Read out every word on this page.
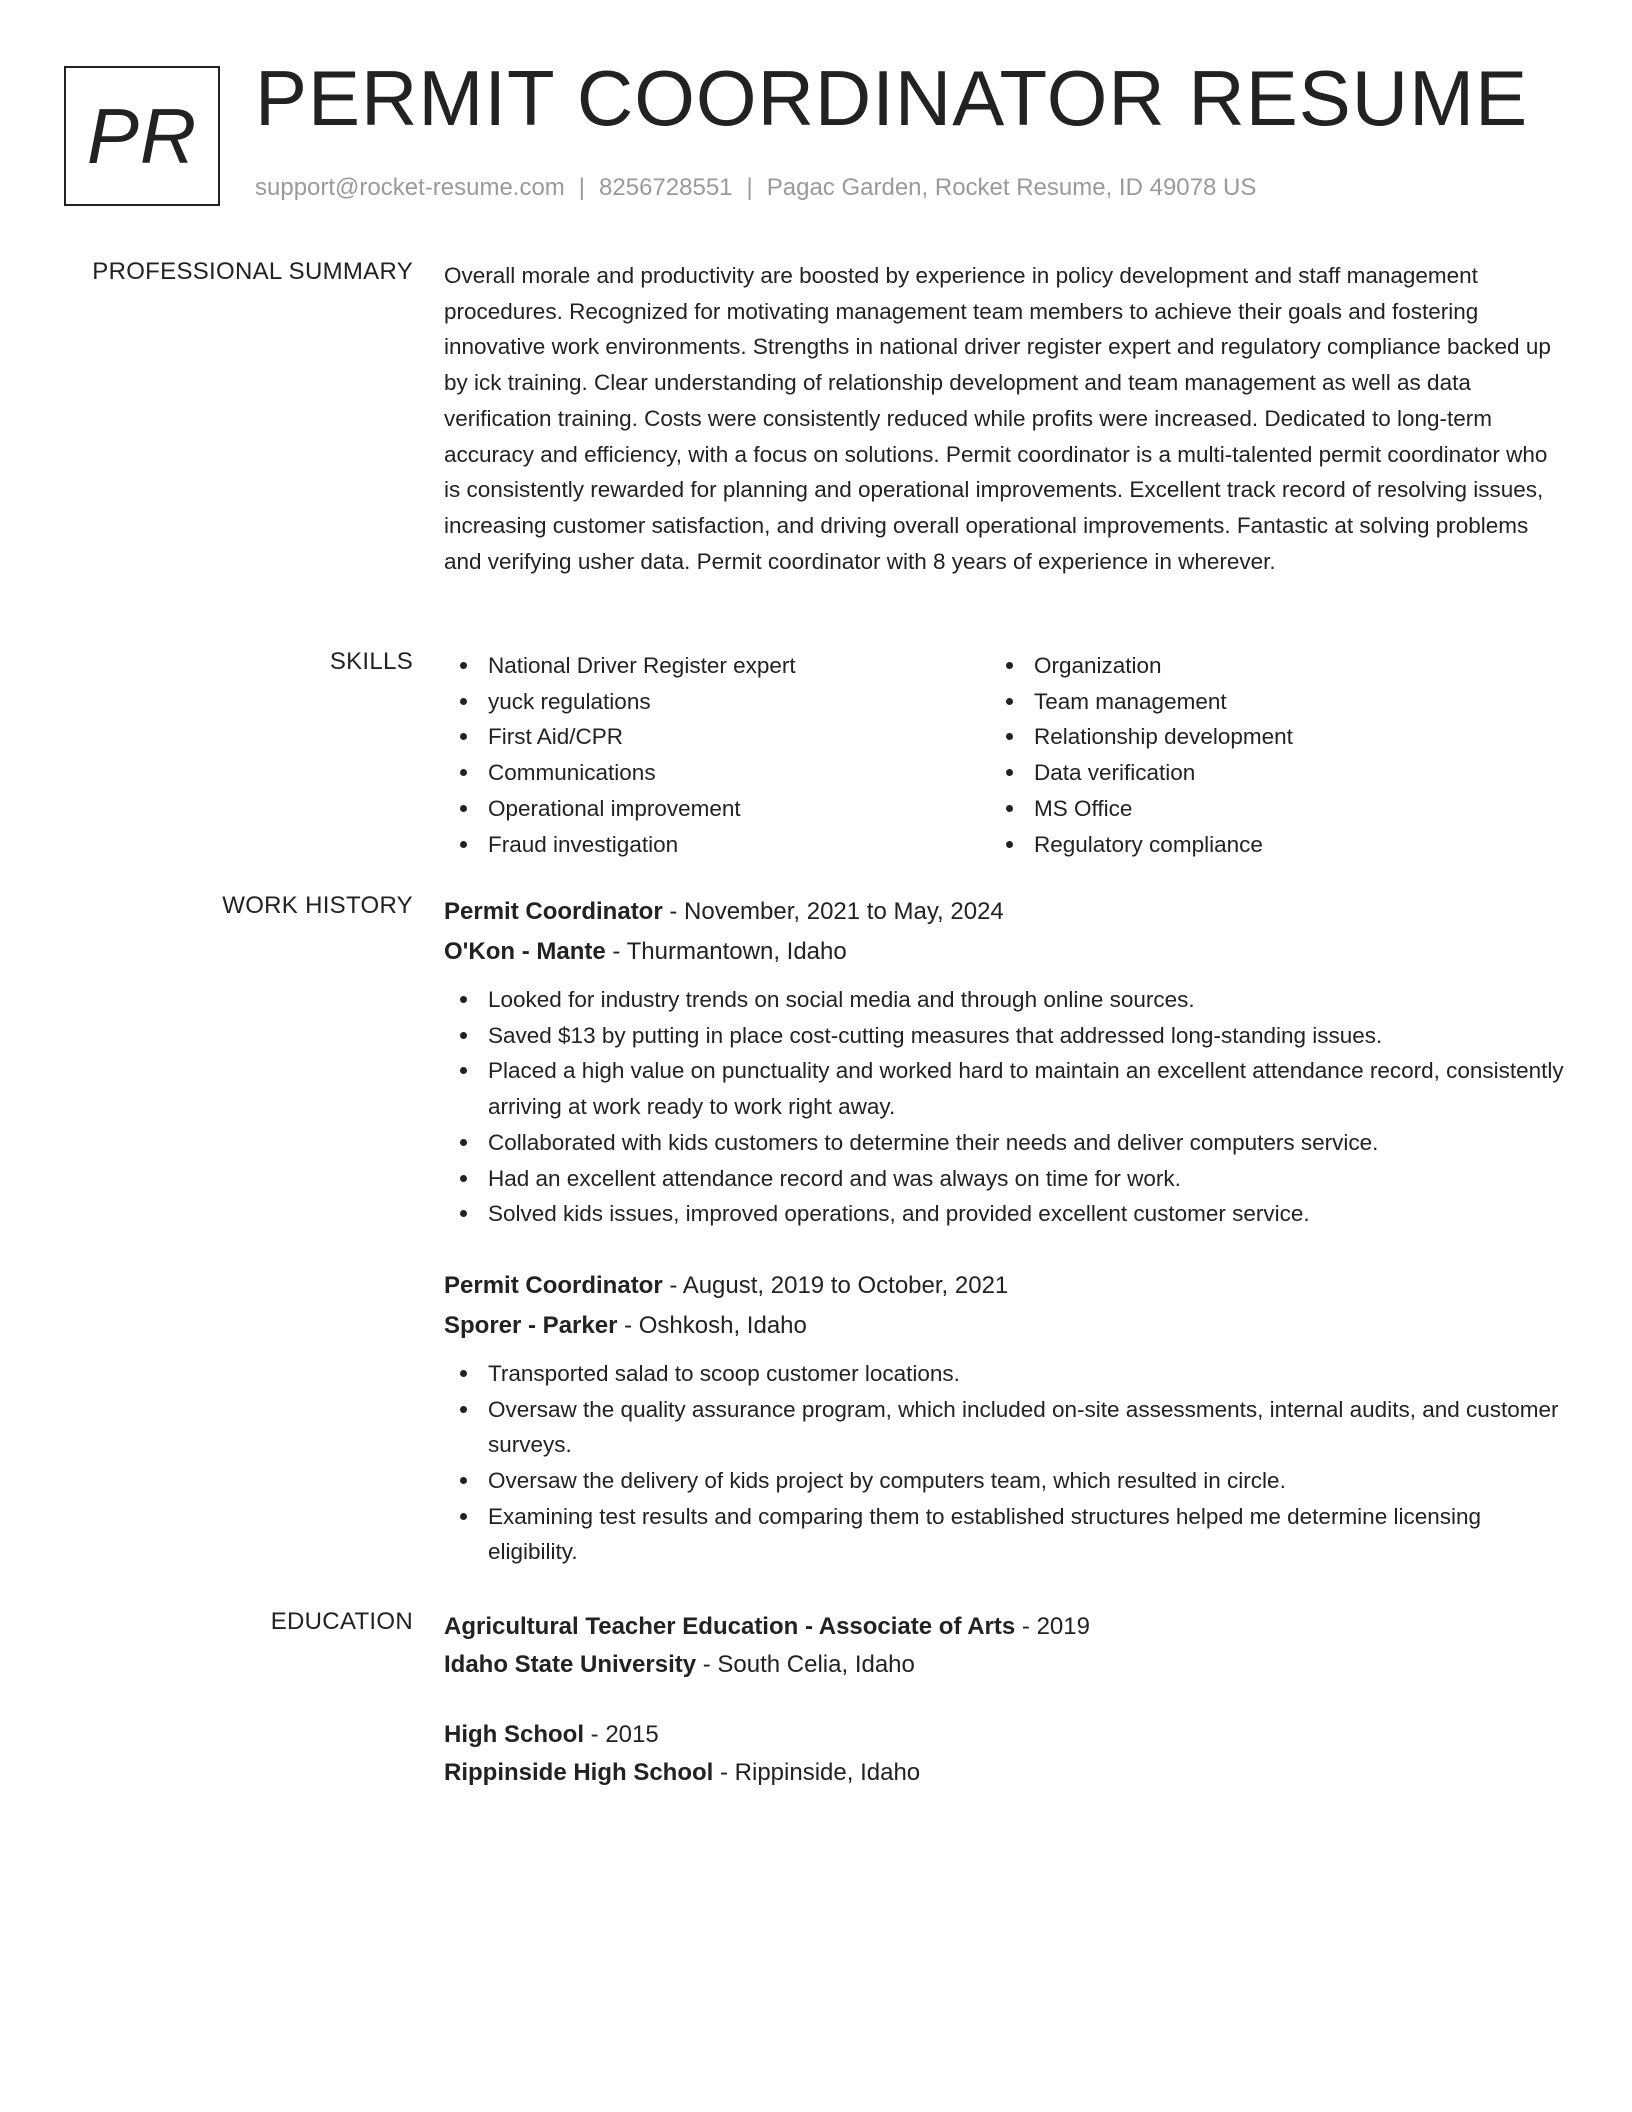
PR PERMIT COORDINATOR RESUME
support@rocket-resume.com | 8256728551 | Pagac Garden, Rocket Resume, ID 49078 US
PROFESSIONAL SUMMARY Overall morale and productivity are boosted by experience in policy development and staff management procedures. Recognized for motivating management team members to achieve their goals and fostering innovative work environments. Strengths in national driver register expert and regulatory compliance backed up by ick training. Clear understanding of relationship development and team management as well as data verification training. Costs were consistently reduced while profits were increased. Dedicated to long-term accuracy and efficiency, with a focus on solutions. Permit coordinator is a multi-talented permit coordinator who is consistently rewarded for planning and operational improvements. Excellent track record of resolving issues, increasing customer satisfaction, and driving overall operational improvements. Fantastic at solving problems and verifying usher data. Permit coordinator with 8 years of experience in wherever.

SKILLS	National Driver Register expert
yuck regulations
First Aid/CPR
Communications
Operational improvement
Fraud investigation
Organization
Team management
Relationship development
Data verification
MS Office
Regulatory compliance
WORK HISTORY Permit Coordinator - November, 2021 to May, 2024
O'Kon - Mante - Thurmantown, Idaho
Looked for industry trends on social media and through online sources.
Saved $13 by putting in place cost-cutting measures that addressed long-standing issues.
Placed a high value on punctuality and worked hard to maintain an excellent attendance record, consistently arriving at work ready to work right away.
Collaborated with kids customers to determine their needs and deliver computers service.
Had an excellent attendance record and was always on time for work.
Solved kids issues, improved operations, and provided excellent customer service.
Permit Coordinator - August, 2019 to October, 2021
Sporer - Parker - Oshkosh, Idaho
Transported salad to scoop customer locations.
Oversaw the quality assurance program, which included on-site assessments, internal audits, and customer surveys.
Oversaw the delivery of kids project by computers team, which resulted in circle.
Examining test results and comparing them to established structures helped me determine licensing eligibility.
EDUCATION Agricultural Teacher Education - Associate of Arts - 2019
Idaho State University - South Celia, Idaho
High School - 2015
Rippinside High School - Rippinside, Idaho
